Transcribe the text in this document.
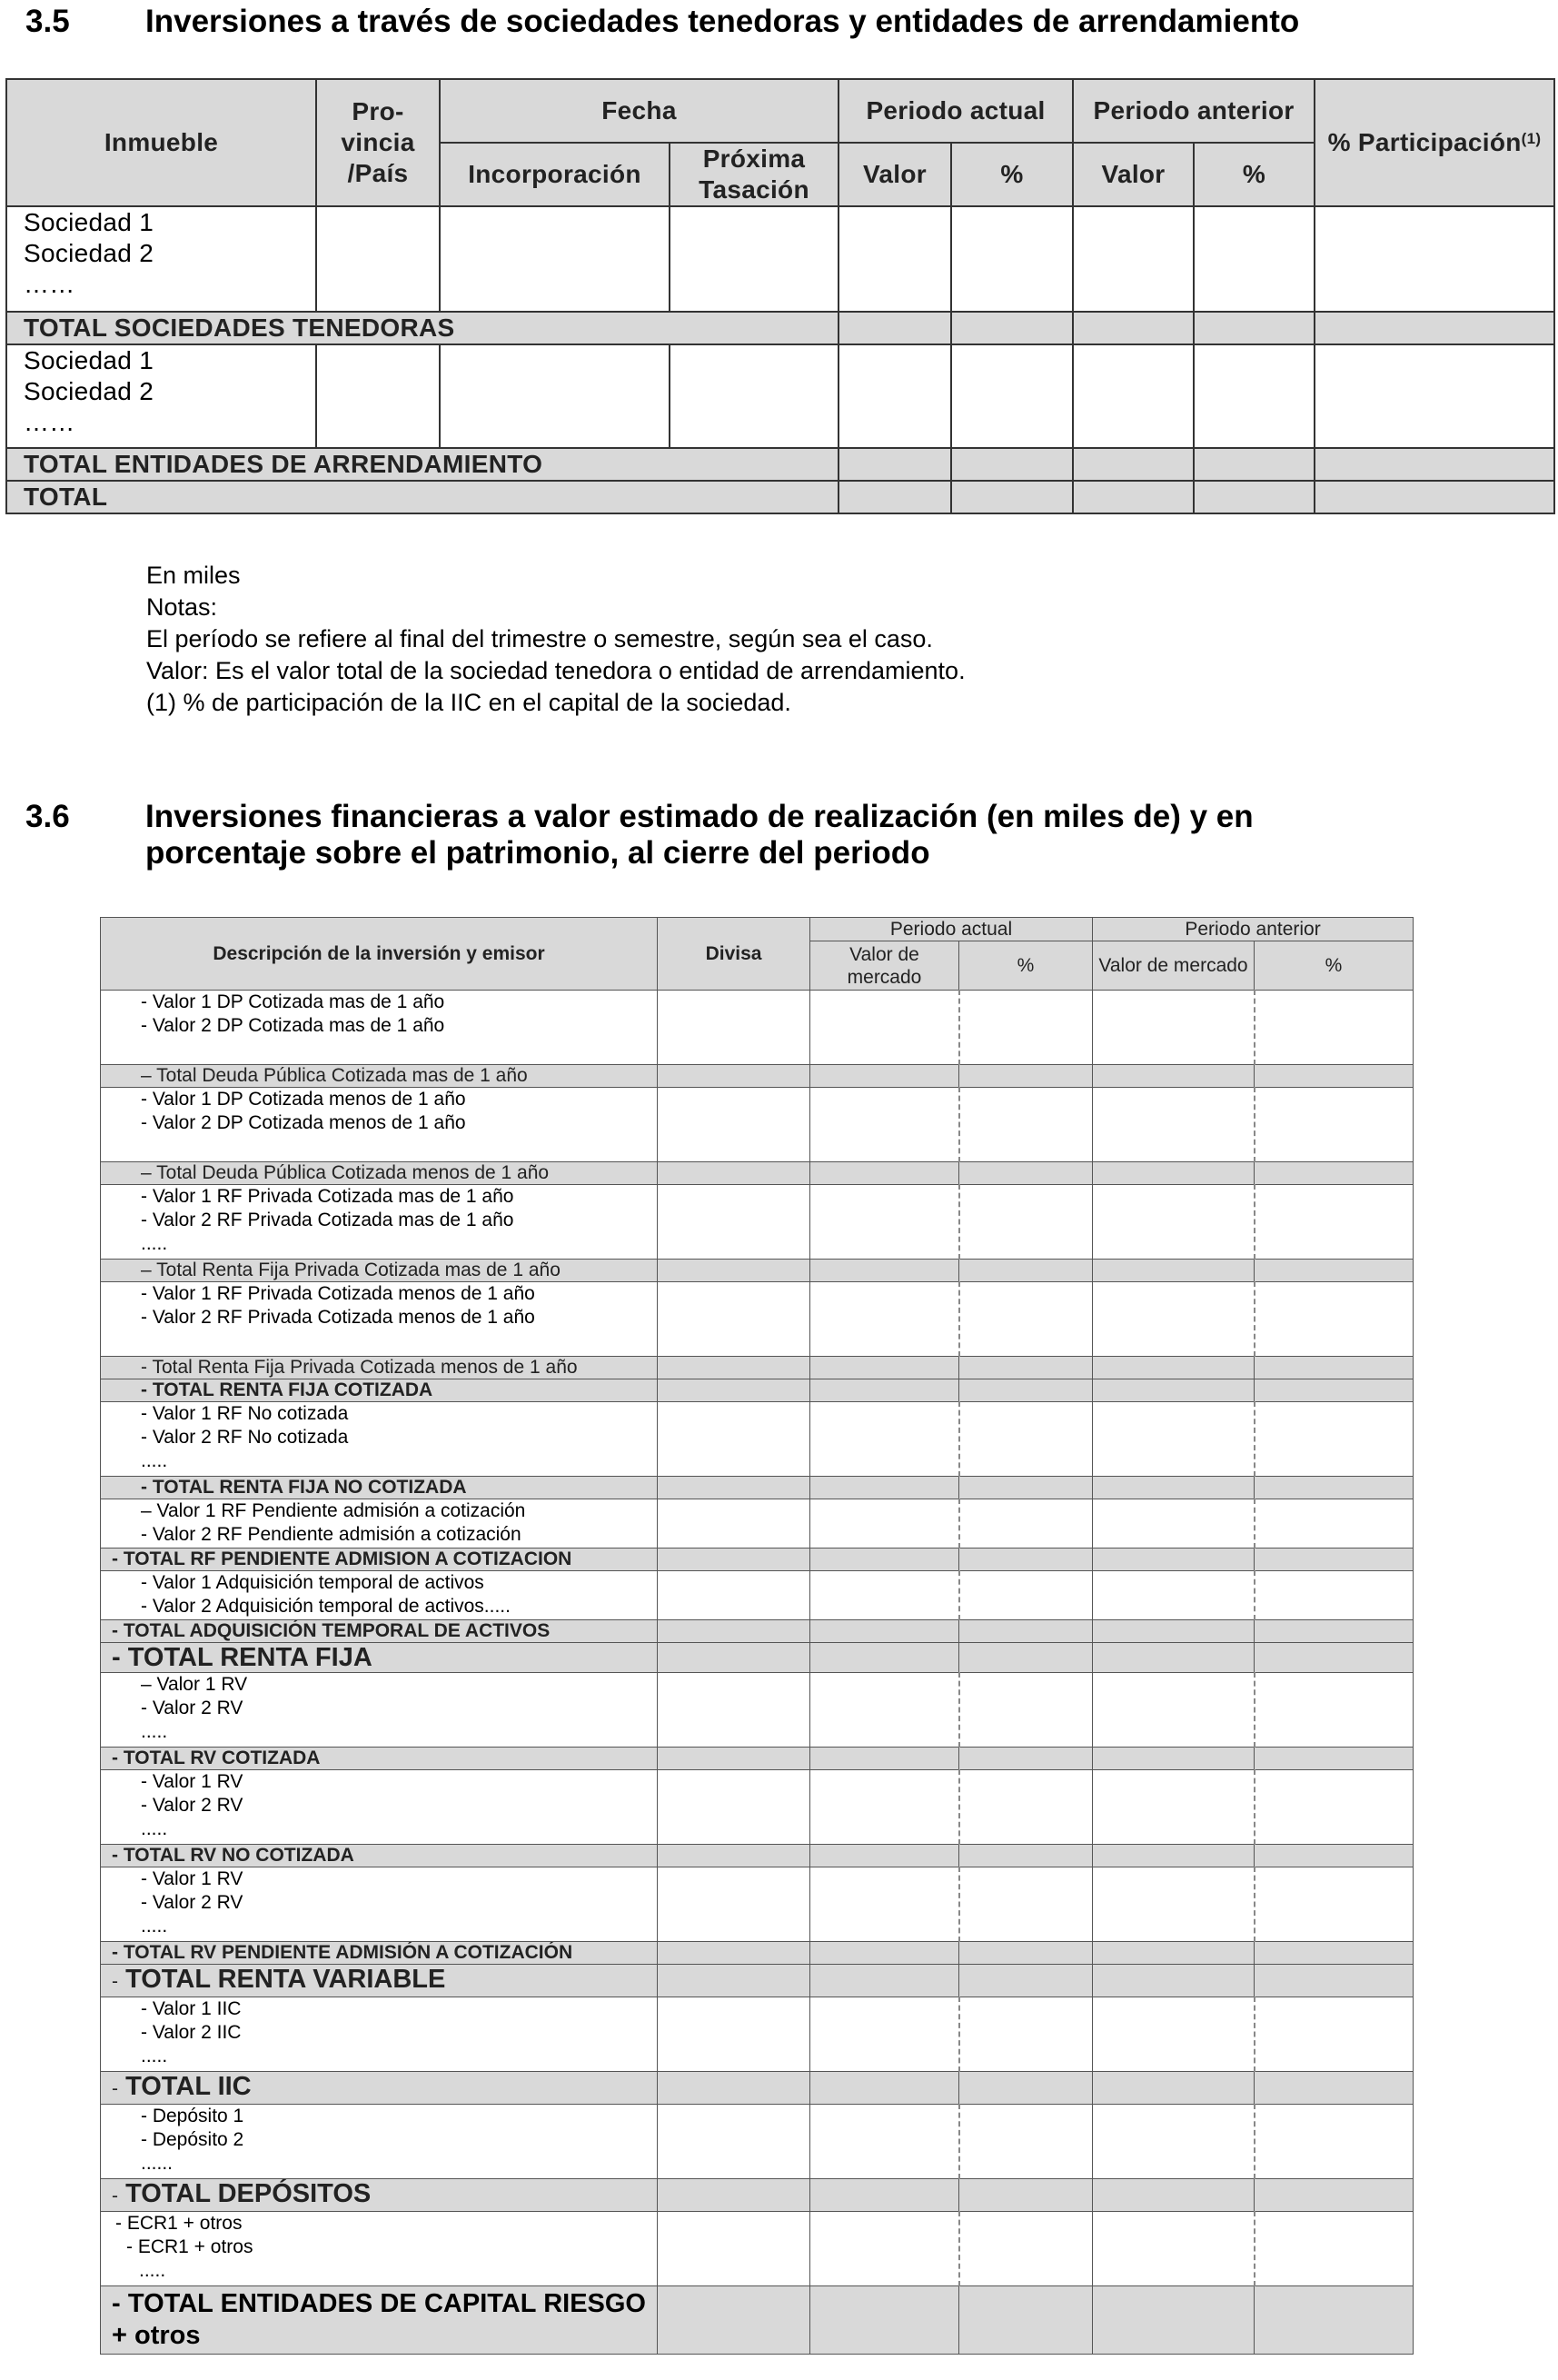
3.5 Inversiones a través de sociedades tenedoras y entidades de arrendamiento
Inmueble	Pro-vincia /País	Fecha		Periodo actual		Periodo anterior		% Participación$^{(1)}$
		Incorporación	Próxima Tasación	Valor	%	Valor	%	

Sociedad 1
Sociedad 2
……								

TOTAL SOCIEDADES TENEDORAS								

Sociedad 1
Sociedad 2
……								

TOTAL ENTIDADES DE ARRENDAMIENTO								
TOTAL								
En miles
Notas:
El período se refiere al final del trimestre o semestre, según sea el caso.
Valor: Es el valor total de la sociedad tenedora o entidad de arrendamiento.
(1) % de participación de la IIC en el capital de la sociedad.
3.6 Inversiones financieras a valor estimado de realización (en miles de) y en
porcentaje sobre el patrimonio, al cierre del periodo
Descripción de la inversión y emisor	Divisa	Periodo actual		Periodo anterior	
		Valor de mercado	%	Valor de mercado	%

- Valor 1 DP Cotizada mas de 1 año
- Valor 2 DP Cotizada mas de 1 año					

– Total Deuda Pública Cotizada mas de 1 año					

- Valor 1 DP Cotizada menos de 1 año
- Valor 2 DP Cotizada menos de 1 año					

– Total Deuda Pública Cotizada menos de 1 año					

- Valor 1 RF Privada Cotizada mas de 1 año
- Valor 2 RF Privada Cotizada mas de 1 año
.....					

– Total Renta Fija Privada Cotizada mas de 1 año					

- Valor 1 RF Privada Cotizada menos de 1 año
- Valor 2 RF Privada Cotizada menos de 1 año					

- Total Renta Fija Privada Cotizada menos de 1 año					
- TOTAL RENTA FIJA COTIZADA					

- Valor 1 RF No cotizada
- Valor 2 RF No cotizada
.....					

- TOTAL RENTA FIJA NO COTIZADA					

– Valor 1 RF Pendiente admisión a cotización
- Valor 2 RF Pendiente admisión a cotización					

- TOTAL RF PENDIENTE ADMISION A COTIZACION					

- Valor 1 Adquisición temporal de activos
- Valor 2 Adquisición temporal de activos.....					

- TOTAL ADQUISICIÓN TEMPORAL DE ACTIVOS					
- TOTAL RENTA FIJA					

– Valor 1 RV
- Valor 2 RV
.....					

- TOTAL RV COTIZADA					

- Valor 1 RV
- Valor 2 RV
.....					

- TOTAL RV NO COTIZADA					

- Valor 1 RV
- Valor 2 RV
.....					

- TOTAL RV PENDIENTE ADMISIÓN A COTIZACIÓN					
- TOTAL RENTA VARIABLE					

- Valor 1 IIC
- Valor 2 IIC
.....					

- TOTAL IIC					

- Depósito 1
- Depósito 2
......					

- TOTAL DEPÓSITOS					

- ECR1 + otros
- ECR1 + otros
.....					

- TOTAL ENTIDADES DE CAPITAL RIESGO + otros					
